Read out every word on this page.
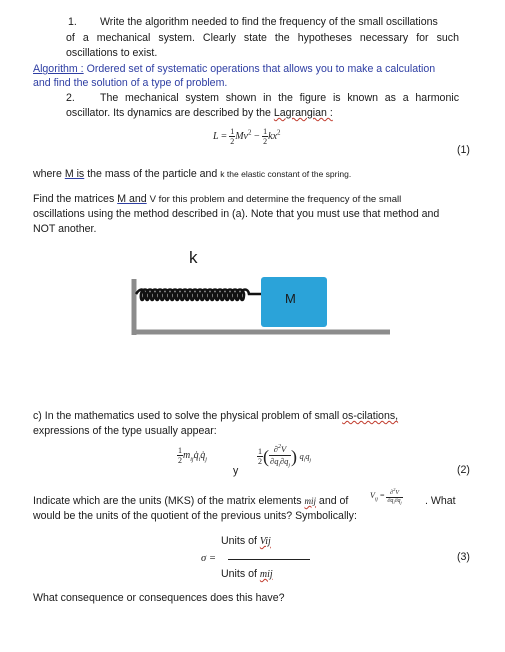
1. Write the algorithm needed to find the frequency of the small oscillations
of a mechanical system. Clearly state the hypotheses necessary for such
oscillations to exist.
Algorithm : Ordered set of systematic operations that allows you to make a calculation
and find the solution of a type of problem.
2. The mechanical system shown in the figure is known as a harmonic
oscillator. Its dynamics are described by the Lagrangian :
$L = \frac{1}{2} Mv^2 - \frac{1}{2} kx^2$
(1)
where M is the mass of the particle and k the elastic constant of the spring.
Find the matrices M and V for this problem and determine the frequency of the small
oscillations using the method described in (a). Note that you must use that method and
NOT another.
k
M
c) In the mathematics used to solve the physical problem of small os-cilations,
expressions of the type usually appear:
$\frac{1}{2}$ $m_{ij}q̇_iq̇_j$
y
$\frac{1}{2}$ ( $\frac{\partial^2V}{\partial q_i\partial q_j}$ ) $q_iq_j$
(2)
Indicate which are the units (MKS) of the matrix elements mij and of	$V_{ij} = \frac{\partial^2V}{\partial q_i\partial q_j}$ . What
would be the units of the quotient of the previous units? Symbolically:
Units of Vij
σ =
Units of mij
(3)
What consequence or consequences does this have?
